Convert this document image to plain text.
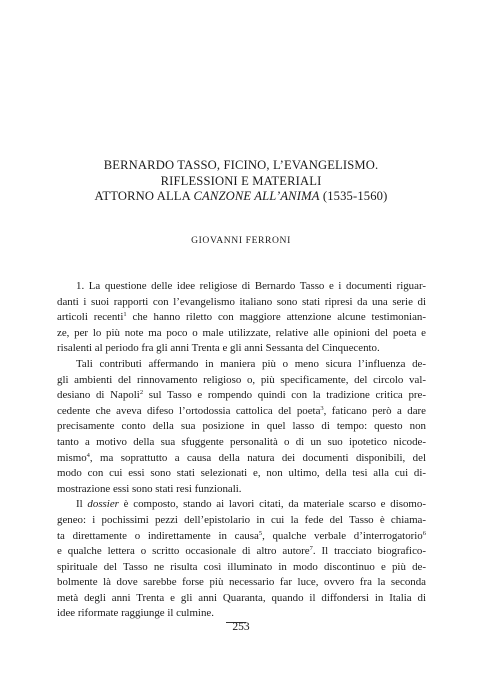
BERNARDO TASSO, FICINO, L’EVANGELISMO.
RIFLESSIONI E MATERIALI
ATTORNO ALLA CANZONE ALL’ANIMA (1535-1560)
GIOVANNI FERRONI
1. La questione delle idee religiose di Bernardo Tasso e i documenti riguar-
danti i suoi rapporti con l’evangelismo italiano sono stati ripresi da una serie di
articoli recenti$^1$ che hanno riletto con maggiore attenzione alcune testimonian-
ze, per lo più note ma poco o male utilizzate, relative alle opinioni del poeta e
risalenti al periodo fra gli anni Trenta e gli anni Sessanta del Cinquecento.
Tali contributi affermando in maniera più o meno sicura l’influenza de-
gli ambienti del rinnovamento religioso o, più specificamente, del circolo val-
desiano di Napoli$^2$ sul Tasso e rompendo quindi con la tradizione critica pre-
cedente che aveva difeso l’ortodossia cattolica del poeta$^3$, faticano però a dare
precisamente conto della sua posizione in quel lasso di tempo: questo non
tanto a motivo della sua sfuggente personalità o di un suo ipotetico nicode-
mismo$^4$, ma soprattutto a causa della natura dei documenti disponibili, del
modo con cui essi sono stati selezionati e, non ultimo, della tesi alla cui di-
mostrazione essi sono stati resi funzionali.
Il dossier è composto, stando ai lavori citati, da materiale scarso e disomo-
geneo: i pochissimi pezzi dell’epistolario in cui la fede del Tasso è chiama-
ta direttamente o indirettamente in causa$^5$, qualche verbale d’interrogatorio$^6$
e qualche lettera o scritto occasionale di altro autore$^7$. Il tracciato biografico-
spirituale del Tasso ne risulta così illuminato in modo discontinuo e più de-
bolmente là dove sarebbe forse più necessario far luce, ovvero fra la seconda
metà degli anni Trenta e gli anni Quaranta, quando il diffondersi in Italia di
idee riformate raggiunge il culmine.
253
